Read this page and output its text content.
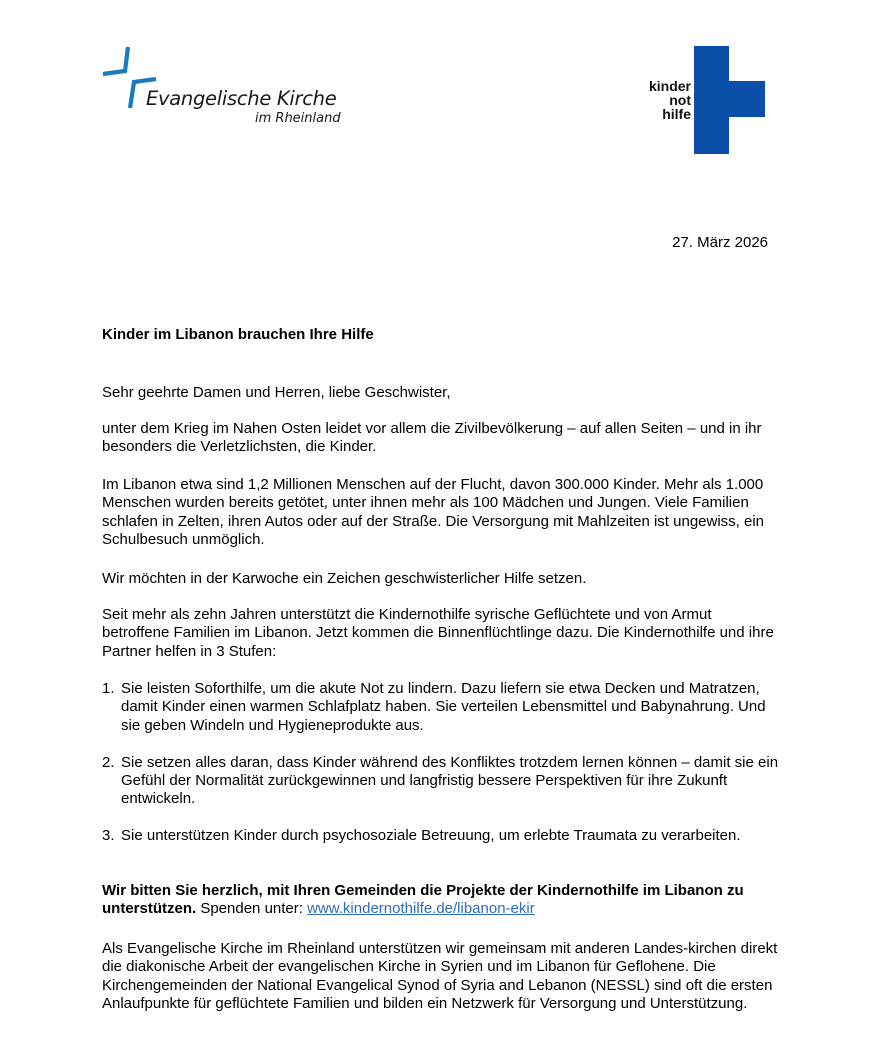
Evangelische Kirche
im Rheinland
kinder
not
hilfe
27. März 2026
Kinder im Libanon brauchen Ihre Hilfe
Sehr geehrte Damen und Herren, liebe Geschwister,
unter dem Krieg im Nahen Osten leidet vor allem die Zivilbevölkerung – auf allen Seiten – und in ihr besonders die Verletzlichsten, die Kinder.
Im Libanon etwa sind 1,2 Millionen Menschen auf der Flucht, davon 300.000 Kinder. Mehr als 1.000 Menschen wurden bereits getötet, unter ihnen mehr als 100 Mädchen und Jungen. Viele Familien schlafen in Zelten, ihren Autos oder auf der Straße. Die Versorgung mit Mahlzeiten ist ungewiss, ein Schulbesuch unmöglich.
Wir möchten in der Karwoche ein Zeichen geschwisterlicher Hilfe setzen.
Seit mehr als zehn Jahren unterstützt die Kindernothilfe syrische Geflüchtete und von Armut betroffene Familien im Libanon. Jetzt kommen die Binnenflüchtlinge dazu. Die Kindernothilfe und ihre Partner helfen in 3 Stufen:
1. Sie leisten Soforthilfe, um die akute Not zu lindern. Dazu liefern sie etwa Decken und Matratzen, damit Kinder einen warmen Schlafplatz haben. Sie verteilen Lebensmittel und Babynahrung. Und sie geben Windeln und Hygieneprodukte aus.
2. Sie setzen alles daran, dass Kinder während des Konfliktes trotzdem lernen können – damit sie ein Gefühl der Normalität zurückgewinnen und langfristig bessere Perspektiven für ihre Zukunft entwickeln.
3. Sie unterstützen Kinder durch psychosoziale Betreuung, um erlebte Traumata zu verarbeiten.
Wir bitten Sie herzlich, mit Ihren Gemeinden die Projekte der Kindernothilfe im Libanon zu unterstützen. Spenden unter: www.kindernothilfe.de/libanon-ekir
Als Evangelische Kirche im Rheinland unterstützen wir gemeinsam mit anderen Landes-kirchen direkt die diakonische Arbeit der evangelischen Kirche in Syrien und im Libanon für Geflohene. Die Kirchengemeinden der National Evangelical Synod of Syria and Lebanon (NESSL) sind oft die ersten Anlaufpunkte für geflüchtete Familien und bilden ein Netzwerk für Versorgung und Unterstützung.
